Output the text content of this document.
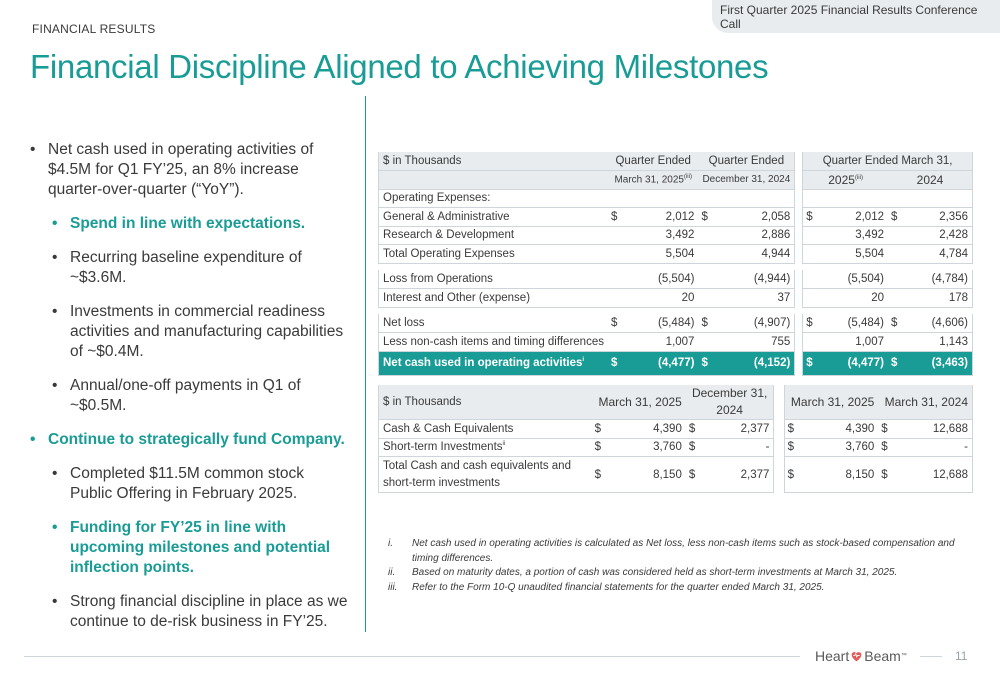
FINANCIAL RESULTS
First Quarter 2025 Financial Results Conference Call
Financial Discipline Aligned to Achieving Milestones
• Net cash used in operating activities of $4.5M for Q1 FY’25, an 8% increase quarter-over-quarter (“YoY”).
• Spend in line with expectations.
• Recurring baseline expenditure of ~$3.6M.
• Investments in commercial readiness activities and manufacturing capabilities of ~$0.4M.
• Annual/one-off payments in Q1 of ~$0.5M.
• Continue to strategically fund Company.
• Completed $11.5M common stock Public Offering in February 2025.
• Funding for FY’25 in line with upcoming milestones and potential inflection points.
• Strong financial discipline in place as we continue to de-risk business in FY’25.
$ in Thousands	Quarter Ended		Quarter Ended			Quarter Ended March 31,			
	March 31, 2025$^{(iii)}$		December 31, 2024			2025$^{(iii)}$		2024	
Operating Expenses:									
General & Administrative	$	2,012	$	2,058		$	2,012	$	2,356
Research & Development		3,492		2,886			3,492		2,428
Total Operating Expenses		5,504		4,944			5,504		4,784

Loss from Operations		(5,504)		(4,944)			(5,504)		(4,784)
Interest and Other (expense)		20		37			20		178

Net loss	$	(5,484)	$	(4,907)		$	(5,484)	$	(4,606)
Less non-cash items and timing differences		1,007		755			1,007		1,143
Net cash used in operating activities$^i$	$	(4,477)	$	(4,152)		$	(4,477)	$	(3,463)
$ in Thousands	March 31, 2025		December 31, 2024			March 31, 2025		March 31, 2024	
Cash & Cash Equivalents	$	4,390	$	2,377		$	4,390	$	12,688
Short-term Investments$^{ii}$	$	3,760	$	-		$	3,760	$	-
Total Cash and cash equivalents and short-term investments	$	8,150	$	2,377		$	8,150	$	12,688
i. Net cash used in operating activities is calculated as Net loss, less non-cash items such as stock-based compensation and timing differences.
ii. Based on maturity dates, a portion of cash was considered held as short-term investments at March 31, 2025.
iii. Refer to the Form 10-Q unaudited financial statements for the quarter ended March 31, 2025.
Heart Beam ™	11
